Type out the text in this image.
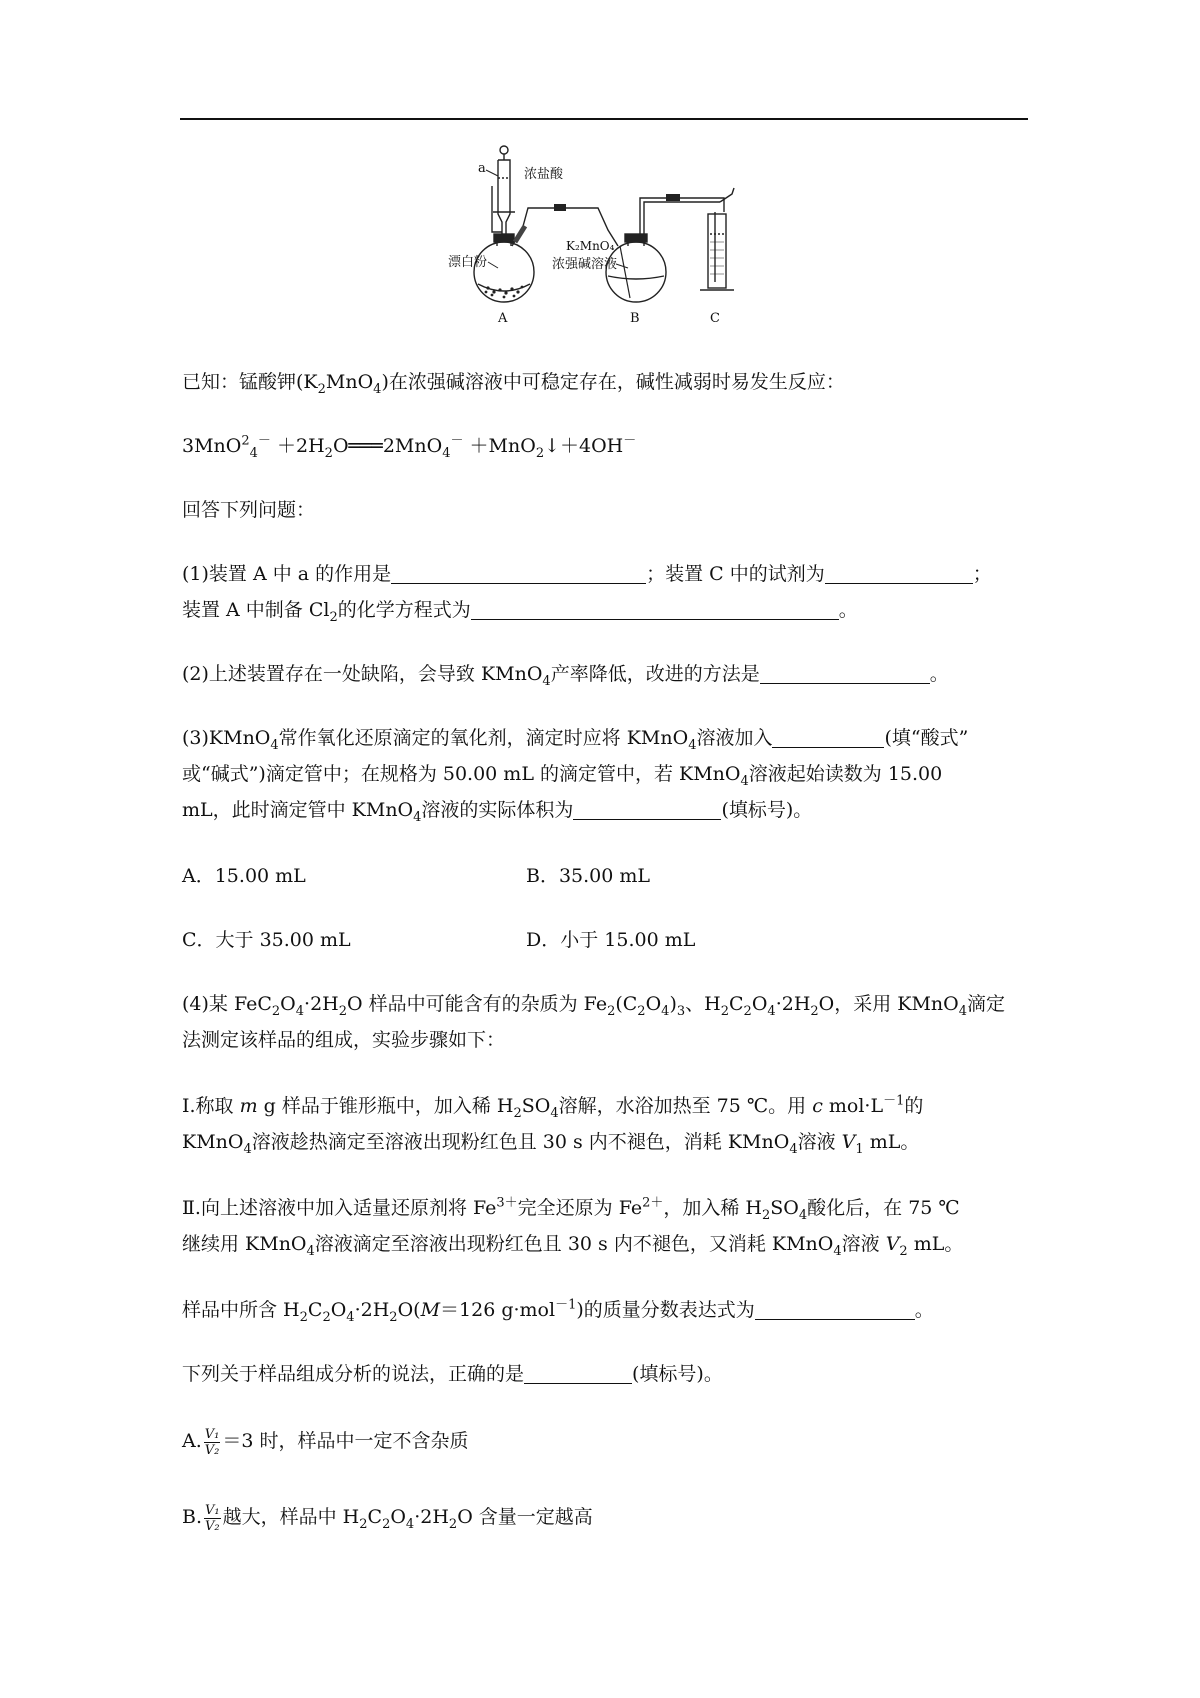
a	浓盐酸
K₂MnO₄
浓强碱溶液
漂白粉
A	B	C
已知：锰酸钾$(K_2MnO_4)$在浓强碱溶液中可稳定存在，碱性减弱时易发生反应：
$3MnO^2_4^- +2H_2O═══2MnO_4^-$ ＋MnO$_2$↓＋4OH－
回答下列问题：
(1)装置 A 中 a 的作用是	；装置 C 中的试剂为	；
装置 A 中制备 $Cl_2$的化学方程式为	。
(2)上述装置存在一处缺陷，会导致 KMnO$_4$产率降低，改进的方法是	。
(3)KMnO$_4$常作氧化还原滴定的氧化剂，滴定时应将 KMnO$_4$溶液加入	(填“酸式”
或“碱式”)滴定管中；在规格为 50.00 mL 的滴定管中，若 KMnO$_4$溶液起始读数为 15.00
mL，此时滴定管中 KMnO$_4$溶液的实际体积为	(填标号)。
A．15.00 mL	B．35.00 mL
C．大于 35.00 mL	D．小于 15.00 mL
(4)某 $FeC_2O_4\cdot 2H_2O$ 样品中可能含有的杂质为 $Fe_2(C_2O_4)_3$、$H_2C_2O_4\cdot 2H_2O$，采用 KMnO$_4$滴定
法测定该样品的组成，实验步骤如下：
Ⅰ.称取 m g 样品于锥形瓶中，加入稀 $H_2SO_4$溶解，水浴加热至 75 ℃。用 c $mol\cdot L^{-1}$的
KMnO$_4$溶液趁热滴定至溶液出现粉红色且 30 s 内不褪色，消耗 KMnO$_4$溶液 $V_1$ mL。
Ⅱ.向上述溶液中加入适量还原剂将 $Fe^{3+}$完全还原为 $Fe^{2+}$，加入稀 $H_2SO_4$酸化后，在 75 ℃
继续用 KMnO$_4$溶液滴定至溶液出现粉红色且 30 s 内不褪色，又消耗 KMnO$_4$溶液 $V_2$ mL。
样品中所含 $H_2C_2O_4\cdot 2H_2O(M=126$ g·mol$^{-1}$)的质量分数表达式为	。
下列关于样品组成分析的说法，正确的是	(填标号)。
A. $\frac{\text{V₁}}{\text{V₂}} =3$ 时，样品中一定不含杂质
B. $\frac{\text{V₁}}{\text{V₂}}$ 越大，样品中 $H_2C_2O_4\cdot 2H_2O$ 含量一定越高
